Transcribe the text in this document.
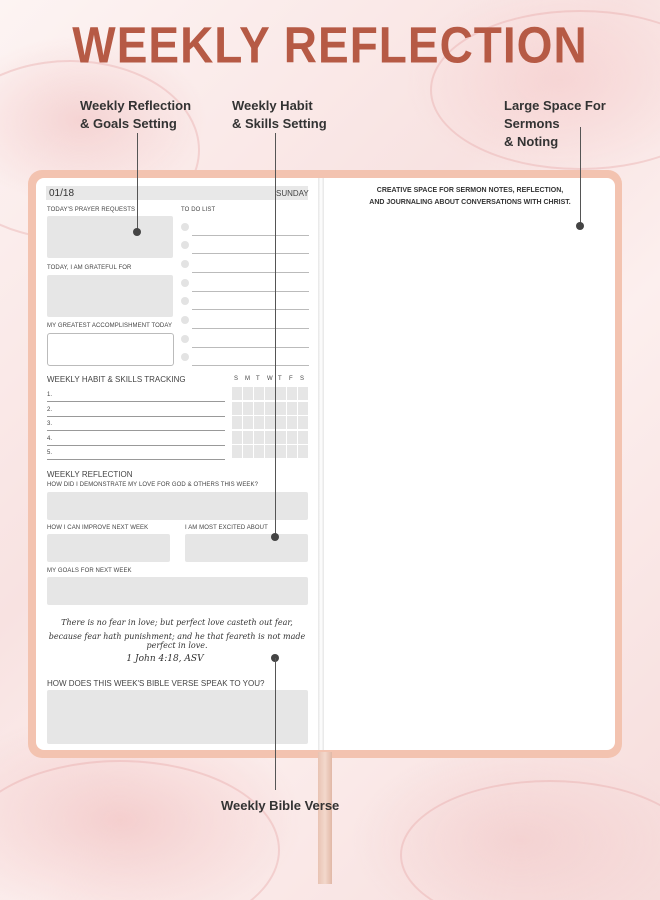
WEEKLY REFLECTION
Weekly Reflection
& Goals Setting
Weekly Habit
& Skills Setting
Large Space For Sermons
& Noting
01/18	SUNDAY
TODAY'S PRAYER REQUESTS	TO DO LIST
TODAY, I AM GRATEFUL FOR
MY GREATEST ACCOMPLISHMENT TODAY
WEEKLY HABIT & SKILLS TRACKING	S M T W T F S
1.
2.
3.
4.
5.
WEEKLY REFLECTION
HOW DID I DEMONSTRATE MY LOVE FOR GOD & OTHERS THIS WEEK?
HOW I CAN IMPROVE NEXT WEEK	I AM MOST EXCITED ABOUT
MY GOALS FOR NEXT WEEK
There is no fear in love; but perfect love casteth out fear,
because fear hath punishment; and he that feareth is not made perfect in love.
1 John 4:18, ASV
HOW DOES THIS WEEK'S BIBLE VERSE SPEAK TO YOU?
CREATIVE SPACE FOR SERMON NOTES, REFLECTION,
AND JOURNALING ABOUT CONVERSATIONS WITH CHRIST.
Weekly Bible Verse
